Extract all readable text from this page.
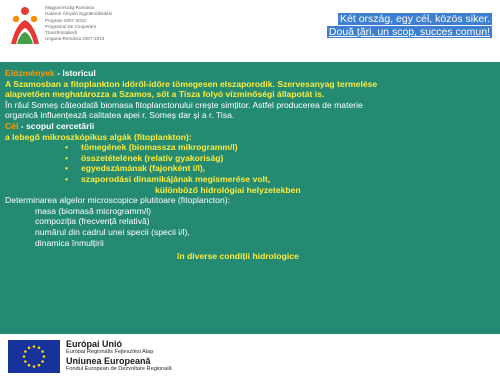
Magyarország-Románia
Határon Átnyúló Együttműködési
Program 2007-2013
Programul De Cooperare
Transfrontalieră
Ungaria-România 2007-2013
Két ország, egy cél, közös siker.
Două țări, un scop, succes comun!
Előzmények - Istoricul
A Szamosban a fitoplankton időről-időre tömegesen elszaporodik. Szervesanyag termelése
alapvetően meghatározza a Szamos, sőt a Tisza folyó vízminőségi állapotát is.
În râul Someș câteodată biomasa fitoplanctonului crește simțitor. Astfel producerea de materie
organică influențează calitatea apei r. Someș dar și a r. Tisa.
Cél - scopul cercetării
a lebegő mikroszkópikus algák (fitoplankton):
• tömegének (biomassza mikrogramm/l)
• összetételének (relatív gyakoriság)
• egyedszámának (fajonként i/l),
• szaporodási dinamikájának megismerése volt,
különböző hidrológiai helyzetekben
Determinarea algelor microscopice plutitoare (fitoplancton):
masa (biomasă microgramm/l)
compoziția (frecvență relativă)
numărul din cadrul unei specii (specii i/l),
dinamica înmulțirii
în diverse condiții hidrologice
Európai Unió
Európai Regionális Fejlesztési Alap
Uniunea Europeană
Fondul European de Dezvoltare Regională
